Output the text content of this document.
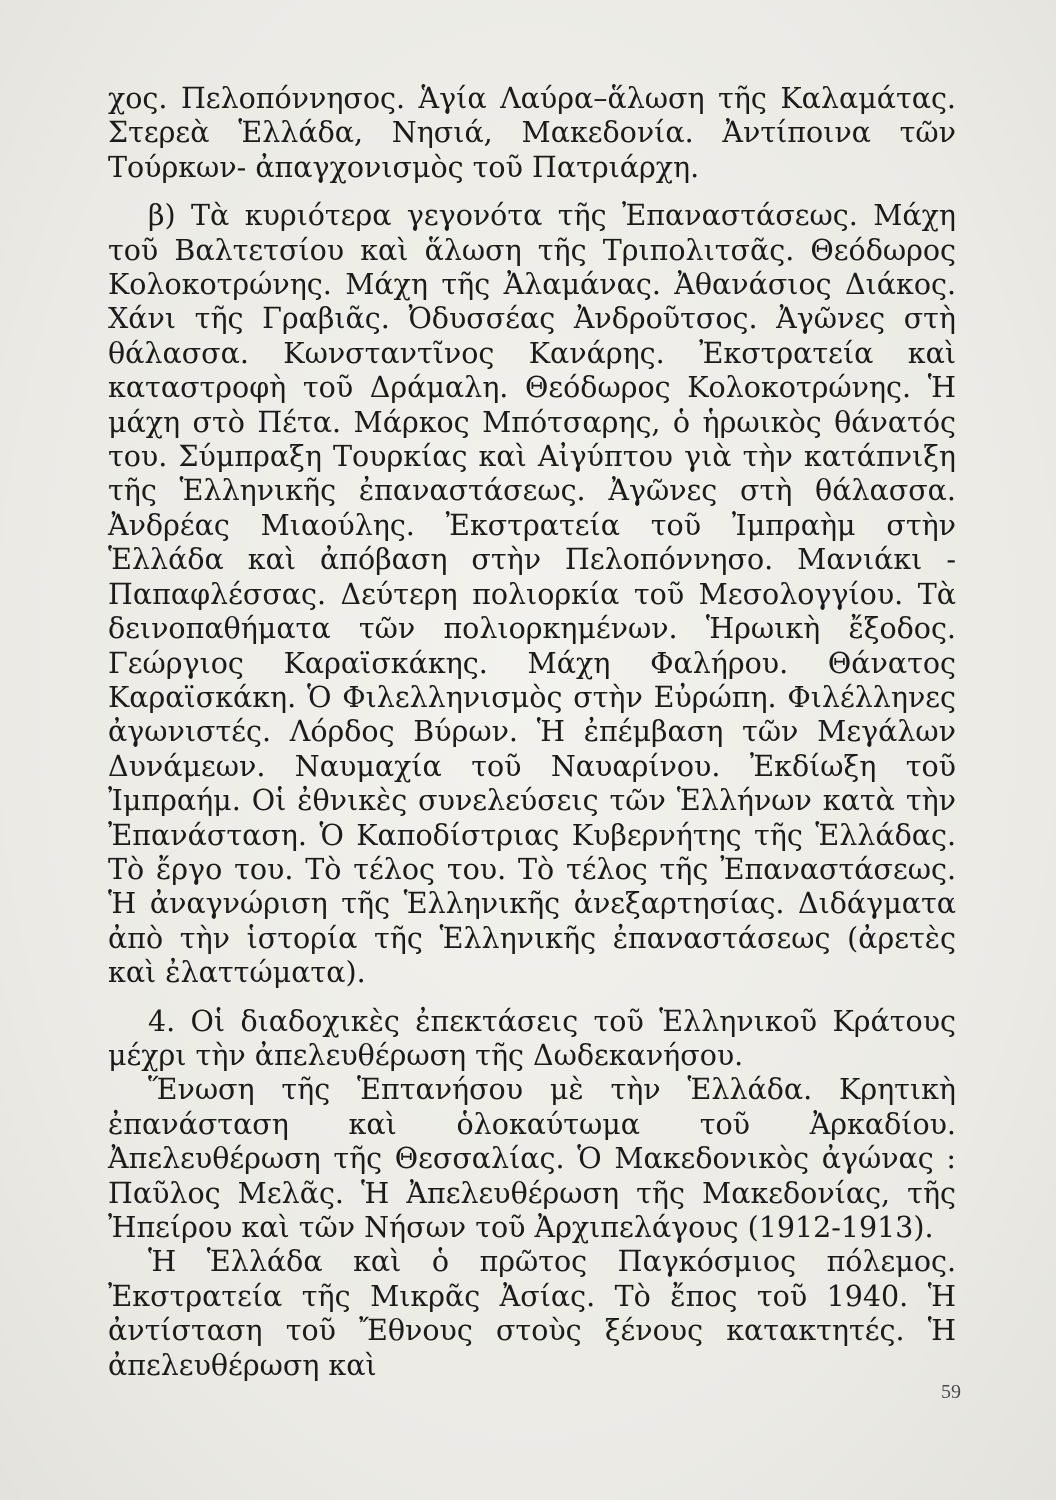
χος. Πελοπόννησος. Ἁγία Λαύρα–ἅλωση τῆς Καλαμάτας. Στερεὰ Ἑλλάδα, Νησιά, Μακεδονία. Ἀντίποινα τῶν Τούρκων- ἀπαγχονισμὸς τοῦ Πατριάρχη.

β) Τὰ κυριότερα γεγονότα τῆς Ἐπαναστάσεως. Μάχη τοῦ Βαλτετσίου καὶ ἅλωση τῆς Τριπολιτσᾶς. Θεόδωρος Κολοκοτρώνης. Μάχη τῆς Ἀλαμάνας. Ἀθανάσιος Διάκος. Χάνι τῆς Γραβιᾶς. Ὀδυσσέας Ἀνδροῦτσος. Ἀγῶνες στὴ θάλασσα. Κωνσταντῖνος Κανάρης. Ἐκστρατεία καὶ καταστροφὴ τοῦ Δράμαλη. Θεόδωρος Κολοκοτρώνης. Ἡ μάχη στὸ Πέτα. Μάρκος Μπότσαρης, ὁ ἡρωικὸς θάνατός του. Σύμπραξη Τουρκίας καὶ Αἰγύπτου γιὰ τὴν κατάπνιξη τῆς Ἑλληνικῆς ἐπαναστάσεως. Ἀγῶνες στὴ θάλασσα. Ἀνδρέας Μιαούλης. Ἐκστρατεία τοῦ Ἰμπραὴμ στὴν Ἑλλάδα καὶ ἀπόβαση στὴν Πελοπόννησο. Μανιάκι - Παπαφλέσσας. Δεύτερη πολιορκία τοῦ Μεσολογγίου. Τὰ δεινοπαθήματα τῶν πολιορκημένων. Ἡρωικὴ ἔξοδος. Γεώργιος Καραϊσκάκης. Μάχη Φαλήρου. Θάνατος Καραϊσκάκη. Ὁ Φιλελληνισμὸς στὴν Εὐρώπη. Φιλέλληνες ἀγωνιστές. Λόρδος Βύρων. Ἡ ἐπέμβαση τῶν Μεγάλων Δυνάμεων. Ναυμαχία τοῦ Ναυαρίνου. Ἐκδίωξη τοῦ Ἰμπραήμ. Οἱ ἐθνικὲς συνελεύσεις τῶν Ἑλλήνων κατὰ τὴν Ἐπανάσταση. Ὁ Καποδίστριας Κυβερνήτης τῆς Ἑλλάδας. Τὸ ἔργο του. Τὸ τέλος του. Τὸ τέλος τῆς Ἐπαναστάσεως. Ἡ ἀναγνώριση τῆς Ἑλληνικῆς ἀνεξαρτησίας. Διδάγματα ἀπὸ τὴν ἱστορία τῆς Ἑλληνικῆς ἐπαναστάσεως (ἀρετὲς καὶ ἐλαττώματα).

4. Οἱ διαδοχικὲς ἐπεκτάσεις τοῦ Ἑλληνικοῦ Κράτους μέχρι τὴν ἀπελευθέρωση τῆς Δωδεκανήσου.

Ἕνωση τῆς Ἑπτανήσου μὲ τὴν Ἑλλάδα. Κρητικὴ ἐπανάσταση καὶ ὁλοκαύτωμα τοῦ Ἀρκαδίου. Ἀπελευθέρωση τῆς Θεσσαλίας. Ὁ Μακεδονικὸς ἀγώνας : Παῦλος Μελᾶς. Ἡ Ἀπελευθέρωση τῆς Μακεδονίας, τῆς Ἠπείρου καὶ τῶν Νήσων τοῦ Ἀρχιπελάγους (1912-1913).

Ἡ Ἑλλάδα καὶ ὁ πρῶτος Παγκόσμιος πόλεμος. Ἐκστρατεία τῆς Μικρᾶς Ἀσίας. Τὸ ἔπος τοῦ 1940. Ἡ ἀντίσταση τοῦ Ἔθνους στοὺς ξένους κατακτητές. Ἡ ἀπελευθέρωση καὶ

59
